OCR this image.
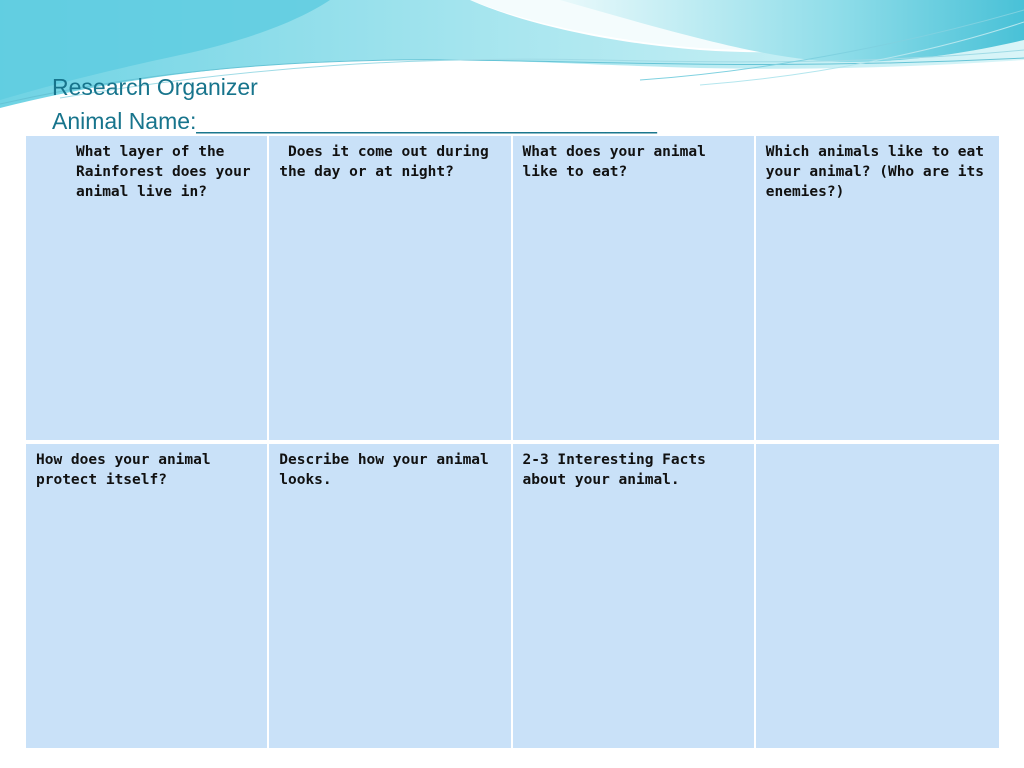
Research Organizer
Animal Name:____________________________________
What layer of the Rainforest does your animal live in?	Does it come out during the day or at night?	What does your animal like to eat?	Which animals like to eat your animal? (Who are its enemies?)
How does your animal protect itself?	Describe how your animal looks.	2-3 Interesting Facts about your animal.	
